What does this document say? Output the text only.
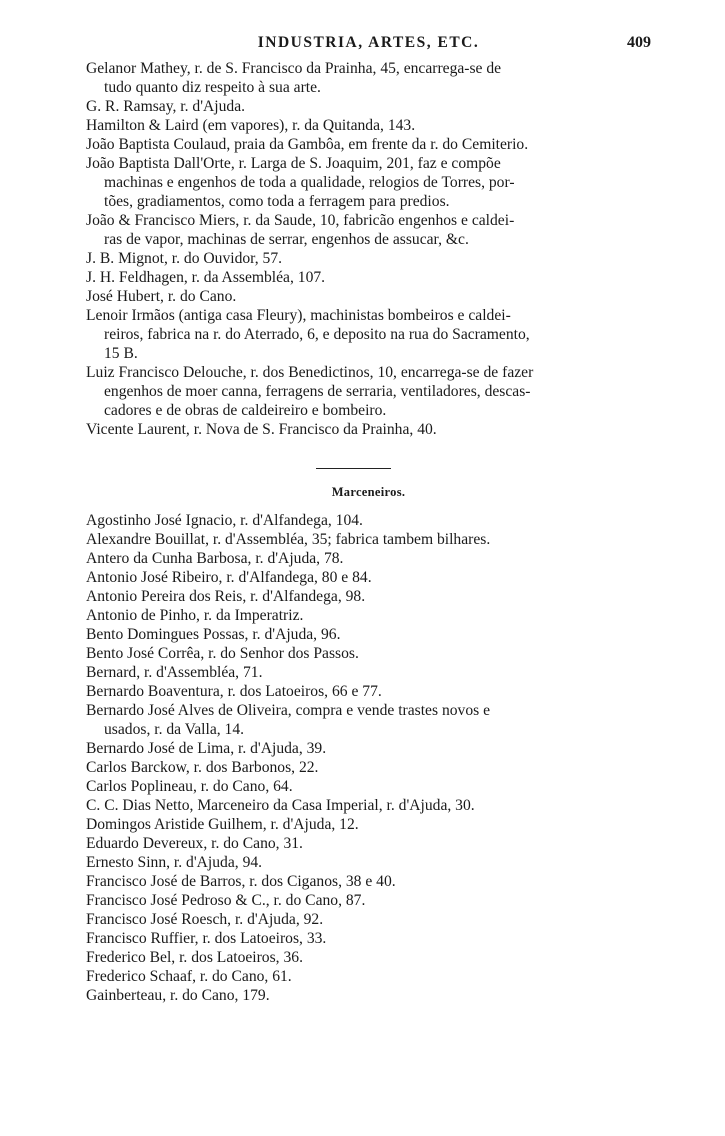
INDUSTRIA, ARTES, ETC.	409
Gelanor Mathey, r. de S. Francisco da Prainha, 45, encarrega-se de
tudo quanto diz respeito à sua arte.
G. R. Ramsay, r. d'Ajuda.
Hamilton & Laird (em vapores), r. da Quitanda, 143.
João Baptista Coulaud, praia da Gambôa, em frente da r. do Cemiterio.
João Baptista Dall'Orte, r. Larga de S. Joaquim, 201, faz e compõe
machinas e engenhos de toda a qualidade, relogios de Torres, por-
tões, gradiamentos, como toda a ferragem para predios.
João & Francisco Miers, r. da Saude, 10, fabricão engenhos e caldei-
ras de vapor, machinas de serrar, engenhos de assucar, &c.
J. B. Mignot, r. do Ouvidor, 57.
J. H. Feldhagen, r. da Assembléa, 107.
José Hubert, r. do Cano.
Lenoir Irmãos (antiga casa Fleury), machinistas bombeiros e caldei-
reiros, fabrica na r. do Aterrado, 6, e deposito na rua do Sacramento,
15 B.
Luiz Francisco Delouche, r. dos Benedictinos, 10, encarrega-se de fazer
engenhos de moer canna, ferragens de serraria, ventiladores, descas-
cadores e de obras de caldeireiro e bombeiro.
Vicente Laurent, r. Nova de S. Francisco da Prainha, 40.
Marceneiros.
Agostinho José Ignacio, r. d'Alfandega, 104.
Alexandre Bouillat, r. d'Assembléa, 35; fabrica tambem bilhares.
Antero da Cunha Barbosa, r. d'Ajuda, 78.
Antonio José Ribeiro, r. d'Alfandega, 80 e 84.
Antonio Pereira dos Reis, r. d'Alfandega, 98.
Antonio de Pinho, r. da Imperatriz.
Bento Domingues Possas, r. d'Ajuda, 96.
Bento José Corrêa, r. do Senhor dos Passos.
Bernard, r. d'Assembléa, 71.
Bernardo Boaventura, r. dos Latoeiros, 66 e 77.
Bernardo José Alves de Oliveira, compra e vende trastes novos e
usados, r. da Valla, 14.
Bernardo José de Lima, r. d'Ajuda, 39.
Carlos Barckow, r. dos Barbonos, 22.
Carlos Poplineau, r. do Cano, 64.
C. C. Dias Netto, Marceneiro da Casa Imperial, r. d'Ajuda, 30.
Domingos Aristide Guilhem, r. d'Ajuda, 12.
Eduardo Devereux, r. do Cano, 31.
Ernesto Sinn, r. d'Ajuda, 94.
Francisco José de Barros, r. dos Ciganos, 38 e 40.
Francisco José Pedroso & C., r. do Cano, 87.
Francisco José Roesch, r. d'Ajuda, 92.
Francisco Ruffier, r. dos Latoeiros, 33.
Frederico Bel, r. dos Latoeiros, 36.
Frederico Schaaf, r. do Cano, 61.
Gainberteau, r. do Cano, 179.
